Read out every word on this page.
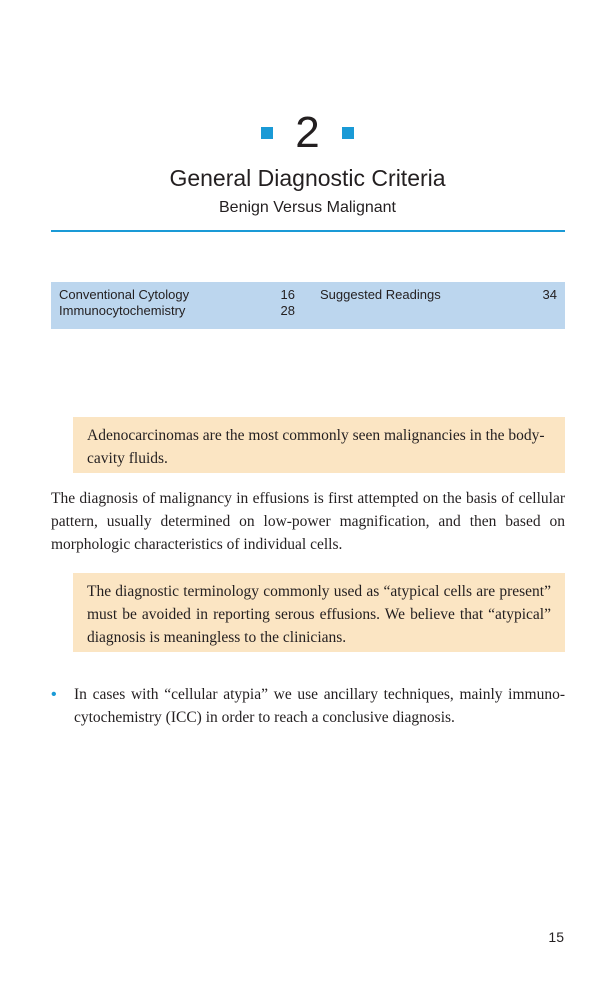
2
General Diagnostic Criteria
Benign Versus Malignant
Conventional Cytology	16
Immunocytochemistry	28
Suggested Readings	34
Adenocarcinomas are the most commonly seen malignancies in the body-cavity fluids.
The diagnosis of malignancy in effusions is first attempted on the basis of cellular pattern, usually determined on low-power magnification, and then based on morphologic characteristics of individual cells.
The diagnostic terminology commonly used as “atypical cells are present” must be avoided in reporting serous effusions. We believe that “atypical” diagnosis is meaningless to the clinicians.
• In cases with “cellular atypia” we use ancillary techniques, mainly immuno-cytochemistry (ICC) in order to reach a conclusive diagnosis.
15
